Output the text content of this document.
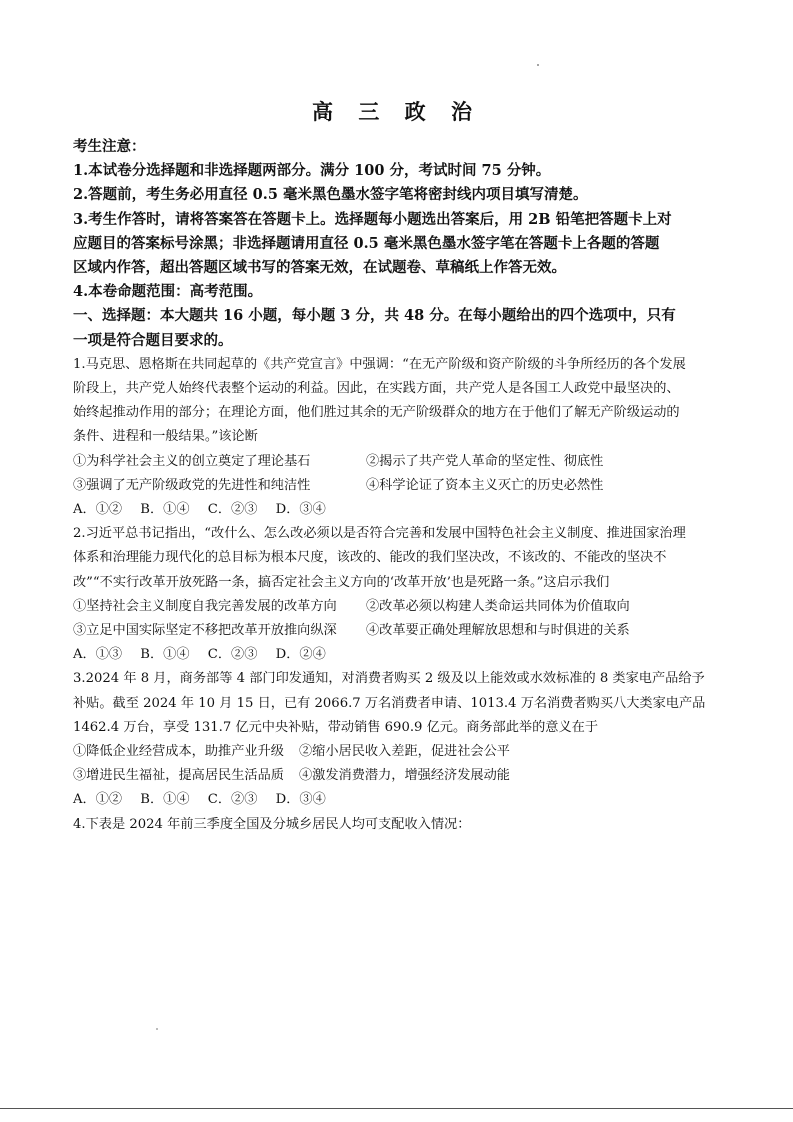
高 三 政 治

考生注意：

1.本试卷分选择题和非选择题两部分。满分 100 分，考试时间 75 分钟。

2.答题前，考生务必用直径 0.5 毫米黑色墨水签字笔将密封线内项目填写清楚。

3.考生作答时，请将答案答在答题卡上。选择题每小题选出答案后，用 2B 铅笔把答题卡上对

应题目的答案标号涂黑；非选择题请用直径 0.5 毫米黑色墨水签字笔在答题卡上各题的答题

区域内作答，超出答题区域书写的答案无效，在试题卷、草稿纸上作答无效。

4.本卷命题范围：高考范围。

一、选择题：本大题共 16 小题，每小题 3 分，共 48 分。在每小题给出的四个选项中，只有

一项是符合题目要求的。

1.马克思、恩格斯在共同起草的《共产党宣言》中强调：“在无产阶级和资产阶级的斗争所经历的各个发展

阶段上，共产党人始终代表整个运动的利益。因此，在实践方面，共产党人是各国工人政党中最坚决的、

始终起推动作用的部分；在理论方面，他们胜过其余的无产阶级群众的地方在于他们了解无产阶级运动的

条件、进程和一般结果。”该论断

①为科学社会主义的创立奠定了理论基石	②揭示了共产党人革命的坚定性、彻底性

③强调了无产阶级政党的先进性和纯洁性	④科学论证了资本主义灭亡的历史必然性

A．①② B．①④ C．②③ D．③④

2.习近平总书记指出，“改什么、怎么改必须以是否符合完善和发展中国特色社会主义制度、推进国家治理

体系和治理能力现代化的总目标为根本尺度，该改的、能改的我们坚决改，不该改的、不能改的坚决不

改”“不实行改革开放死路一条，搞否定社会主义方向的‘改革开放’也是死路一条。”这启示我们

①坚持社会主义制度自我完善发展的改革方向	②改革必须以构建人类命运共同体为价值取向

③立足中国实际坚定不移把改革开放推向纵深	④改革要正确处理解放思想和与时俱进的关系

A．①③ B．①④ C．②③ D．②④

3.2024 年 8 月，商务部等 4 部门印发通知，对消费者购买 2 级及以上能效或水效标准的 8 类家电产品给予

补贴。截至 2024 年 10 月 15 日，已有 2066.7 万名消费者申请、1013.4 万名消费者购买八大类家电产品

1462.4 万台，享受 131.7 亿元中央补贴，带动销售 690.9 亿元。商务部此举的意义在于

①降低企业经营成本，助推产业升级	②缩小居民收入差距，促进社会公平

③增进民生福祉，提高居民生活品质	④激发消费潜力，增强经济发展动能

A．①② B．①④ C．②③ D．③④

4.下表是 2024 年前三季度全国及分城乡居民人均可支配收入情况：
